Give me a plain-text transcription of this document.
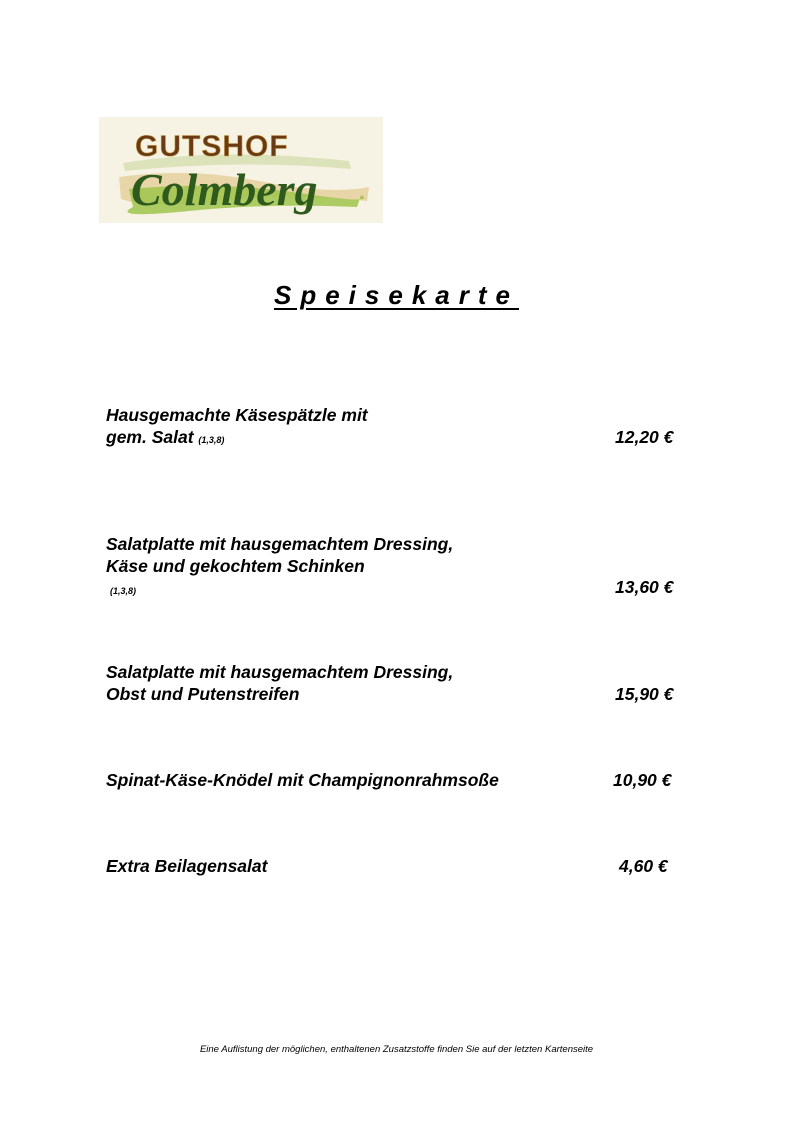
GUTSHOF
Colmberg
Speisekarte
Hausgemachte Käsespätzle mit
gem. Salat (1,3,8)	12,20 €
Salatplatte mit hausgemachtem Dressing,
Käse und gekochtem Schinken
(1,3,8)	13,60 €
Salatplatte mit hausgemachtem Dressing,
Obst und Putenstreifen	15,90 €
Spinat-Käse-Knödel mit Champignonrahmsoße	10,90 €
Extra Beilagensalat	4,60 €
Eine Auflistung der möglichen, enthaltenen Zusatzstoffe finden Sie auf der letzten Kartenseite
